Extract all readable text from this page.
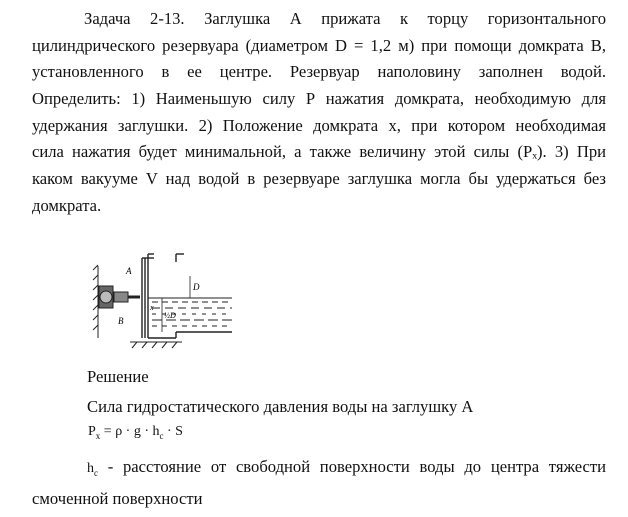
Задача 2-13. Заглушка А прижата к торцу горизонтального
цилиндрического резервуара (диаметром D = 1,2 м) при помощи домкрата В,
установленного в ее центре. Резервуар наполовину заполнен водой.
Определить: 1) Наименьшую силу Р нажатия домкрата, необходимую для
удержания заглушки. 2) Положение домкрата x, при котором необходимая
сила нажатия будет минимальной, а также величину этой силы (Pₓ). 3) При
каком вакууме V над водой в резервуаре заглушка могла бы удержаться без
домкрата.
A
B
x
D
½D
Решение
Сила гидростатического давления воды на заглушку А
$P_x = \rho \cdot g \cdot h_c \cdot S$
$h_c$ - расстояние от свободной поверхности воды до центра тяжести
смоченной поверхности
